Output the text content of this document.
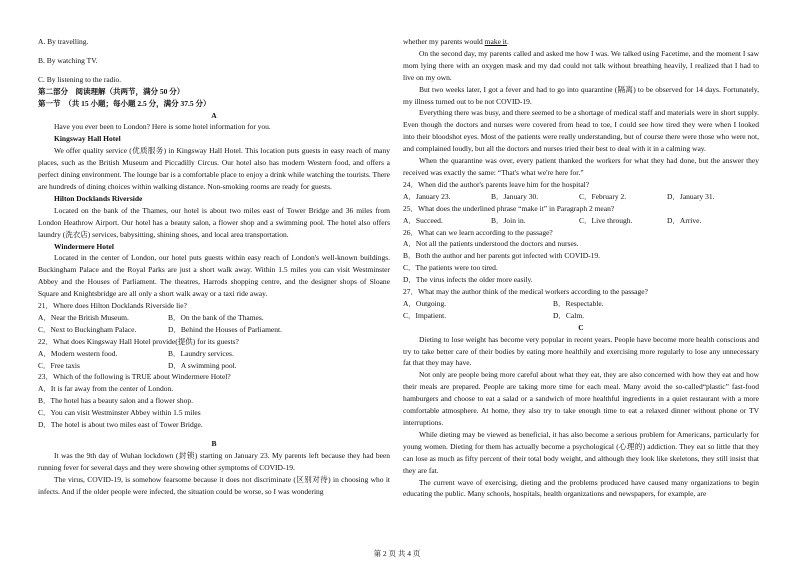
A. By travelling.

B. By watching TV.

C. By listening to the radio.

第二部分　阅读理解（共两节，满分 50 分）

第一节　（共 15 小题；每小题 2.5 分，满分 37.5 分）

A

Have you ever been to London? Here is some hotel information for you.

Kingsway Hall Hotel

We offer quality service (优质服务) in Kingsway Hall Hotel. This location puts guests in easy reach of many places, such as the British Museum and Piccadilly Circus. Our hotel also has modern Western food, and offers a perfect dining environment. The lounge bar is a comfortable place to enjoy a drink while watching the tourists. There are hundreds of dining choices within walking distance. Non-smoking rooms are ready for guests.

Hilton Docklands Riverside

Located on the bank of the Thames, our hotel is about two miles east of Tower Bridge and 36 miles from London Heathrow Airport. Our hotel has a beauty salon, a flower shop and a swimming pool. The hotel also offers laundry (洗衣店) services, babysitting, shining shoes, and local area transportation.

Windermere Hotel

Located in the center of London, our hotel puts guests within easy reach of London's well-known buildings. Buckingham Palace and the Royal Parks are just a short walk away. Within 1.5 miles you can visit Westminster Abbey and the Houses of Parliament. The theatres, Harrods shopping centre, and the designer shops of Sloane Square and Knightsbridge are all only a short walk away or a taxi ride away.

21．Where does Hilton Docklands Riverside lie?

A．Near the British Museum.	B．On the bank of the Thames.
C．Next to Buckingham Palace.	D．Behind the Houses of Parliament.

22．What does Kingsway Hall Hotel provide(提供) for its guests?

A．Modern western food.	B．Laundry services.
C．Free taxis	D．A swimming pool.

23．Which of the following is TRUE about Windermere Hotel?

A．It is far away from the center of London.

B．The hotel has a beauty salon and a flower shop.

C．You can visit Westminster Abbey within 1.5 miles

D．The hotel is about two miles east of Tower Bridge.

B

It was the 9th day of Wuhan lockdown (封锁) starting on January 23. My parents left because they had been running fever for several days and they were showing other symptoms of COVID-19.

The virus, COVID-19, is somehow fearsome because it does not discriminate (区别对待) in choosing who it infects. And if the older people were infected, the situation could be worse, so I was wondering

whether my parents would make it.

On the second day, my parents called and asked me how I was. We talked using Facetime, and the moment I saw mom lying there with an oxygen mask and my dad could not talk without breathing heavily, I realized that I had to live on my own.

But two weeks later, I got a fever and had to go into quarantine (隔离) to be observed for 14 days. Fortunately, my illness turned out to be not COVID-19.

Everything there was busy, and there seemed to be a shortage of medical staff and materials were in short supply. Even though the doctors and nurses were covered from head to toe, I could see how tired they were when I looked into their bloodshot eyes. Most of the patients were really understanding, but of course there were those who were not, and complained loudly, but all the doctors and nurses tried their best to deal with it in a calming way.

When the quarantine was over, every patient thanked the workers for what they had done, but the answer they received was exactly the same: “That's what we're here for.”

24．When did the author's parents leave him for the hospital?

A．January 23.	B．January 30.	C．February 2.	D．January 31.

25．What does the underlined phrase “make it” in Paragraph 2 mean?

A．Succeed.	B．Join in.	C．Live through.	D．Arrive.

26．What can we learn according to the passage?

A．Not all the patients understood the doctors and nurses.

B．Both the author and her parents got infected with COVID-19.

C．The patients were too tired.

D．The virus infects the older more easily.

27．What may the author think of the medical workers according to the passage?

A．Outgoing.	B．Respectable.
C．Impatient.	D．Calm.

C

Dieting to lose weight has become very popular in recent years. People have become more health conscious and try to take better care of their bodies by eating more healthily and exercising more regularly to lose any unnecessary fat that they may have.

Not only are people being more careful about what they eat, they are also concerned with how they eat and how their meals are prepared. People are taking more time for each meal. Many avoid the so-called“plastic” fast-food hamburgers and choose to eat a salad or a sandwich of more healthful ingredients in a quiet restaurant with a more comfortable atmosphere. At home, they also try to take enough time to eat a relaxed dinner without phone or TV interruptions.

While dieting may be viewed as beneficial, it has also become a serious problem for Americans, particularly for young women. Dieting for them has actually become a psychological (心理的) addiction. They eat so little that they can lose as much as fifty percent of their total body weight, and although they look like skeletons, they still insist that they are fat.

The current wave of exercising, dieting and the problems produced have caused many organizations to begin educating the public. Many schools, hospitals, health organizations and newspapers, for example, are

第 2 页 共 4 页
